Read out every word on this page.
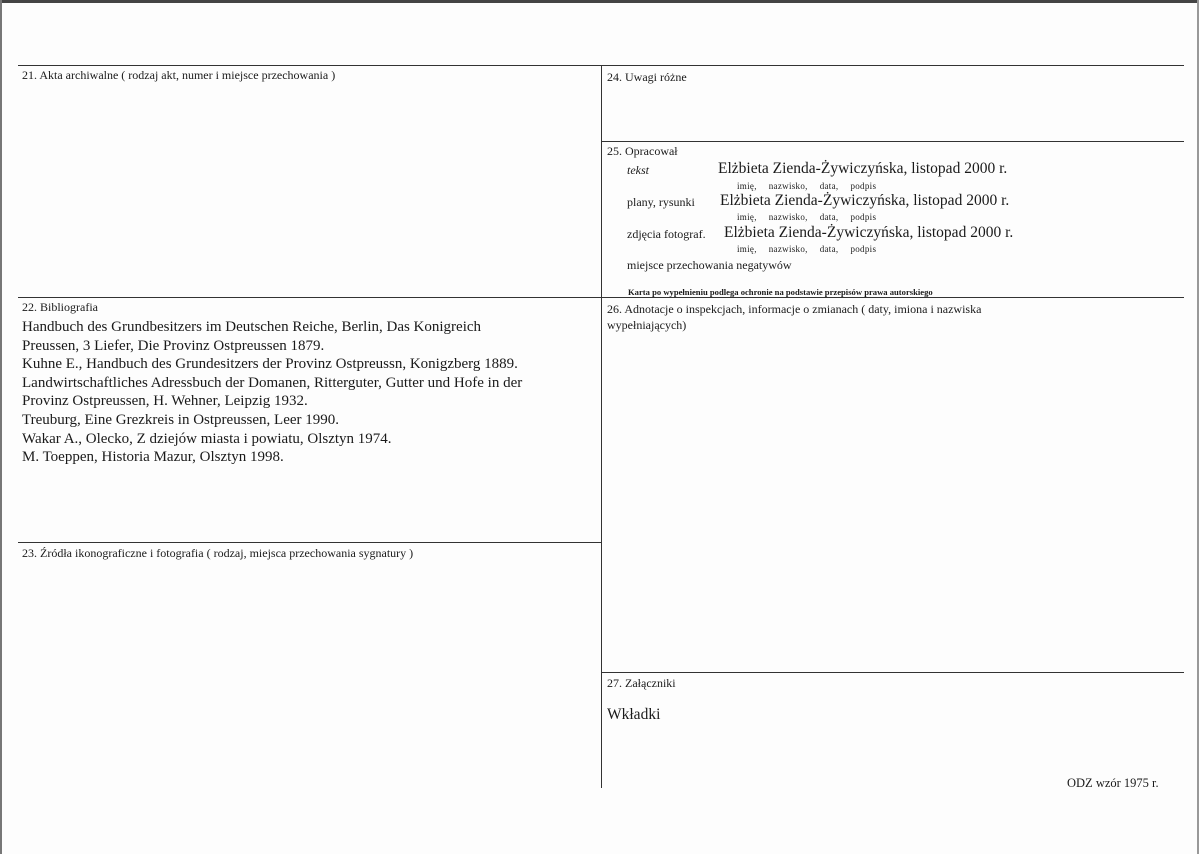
21. Akta archiwalne ( rodzaj akt, numer i miejsce przechowania )
22. Bibliografia
Handbuch des Grundbesitzers im Deutschen Reiche, Berlin, Das Konigreich
Preussen, 3 Liefer, Die Provinz Ostpreussen 1879.
Kuhne E., Handbuch des Grundesitzers der Provinz Ostpreussn, Konigzberg 1889.
Landwirtschaftliches Adressbuch der Domanen, Ritterguter, Gutter und Hofe in der
Provinz Ostpreussen, H. Wehner, Leipzig 1932.
Treuburg, Eine Grezkreis in Ostpreussen, Leer 1990.
Wakar A., Olecko, Z dziejów miasta i powiatu, Olsztyn 1974.
M. Toeppen, Historia Mazur, Olsztyn 1998.
23. Źródła ikonograficzne i fotografia ( rodzaj, miejsca przechowania sygnatury )
24. Uwagi różne
25. Opracował
tekst	Elżbieta Zienda-Żywiczyńska, listopad 2000 r.
imię, nazwisko, data, podpis
plany, rysunki Elżbieta Zienda-Żywiczyńska, listopad 2000 r.
imię, nazwisko, data, podpis
zdjęcia fotograf. Elżbieta Zienda-Żywiczyńska, listopad 2000 r.
imię, nazwisko, data, podpis
miejsce przechowania negatywów
Karta po wypełnieniu podlega ochronie na podstawie przepisów prawa autorskiego
26. Adnotacje o inspekcjach, informacje o zmianach ( daty, imiona i nazwiska
wypełniających)
27. Załączniki
Wkładki
ODZ wzór 1975 r.
